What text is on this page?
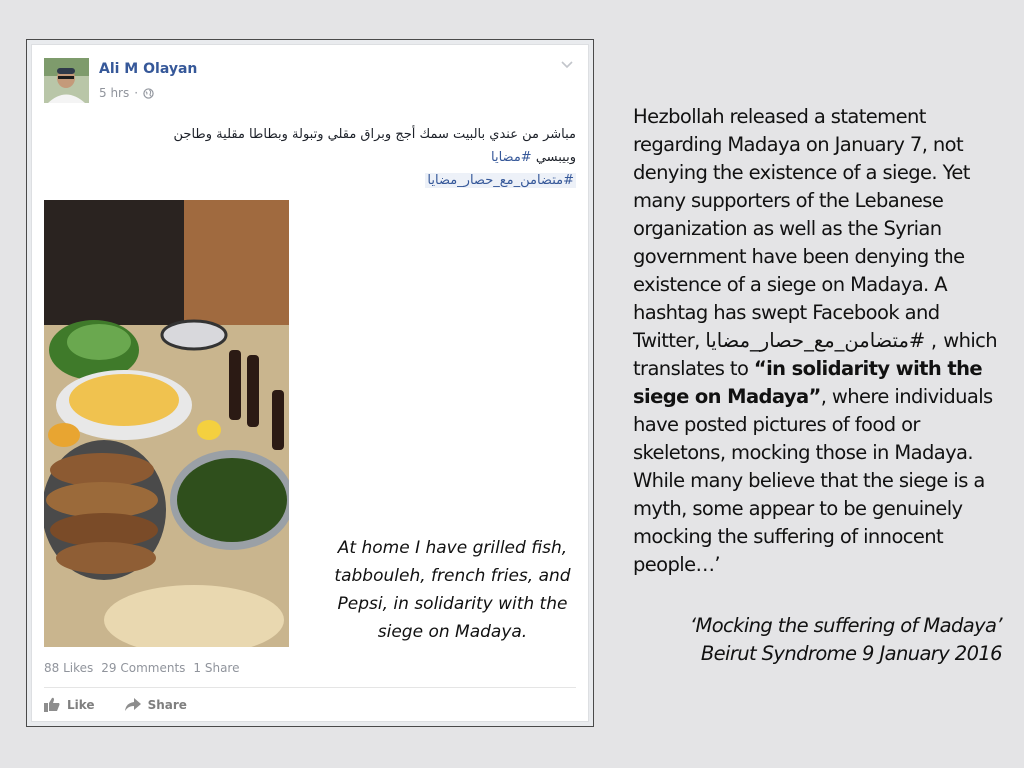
Ali M Olayan
5 hrs ·
مباشر من عندي بالبيت سمك أجج وبراق مقلي وتبولة وبطاطا مقلية وطاجن
وبيبسي #مضايا
#متضامن_مع_حصار_مضايا
At home I have grilled fish, tabbouleh, french fries, and Pepsi, in solidarity with the siege on Madaya.
88 Likes 29 Comments 1 Share
Like	Share
Hezbollah released a statement regarding Madaya on January 7, not denying the existence of a siege. Yet many supporters of the Lebanese organization as well as the Syrian government have been denying the existence of a siege on Madaya. A hashtag has swept Facebook and Twitter, #متضامن_مع_حصار_مضايا , which translates to “in solidarity with the siege on Madaya”, where individuals have posted pictures of food or skeletons, mocking those in Madaya. While many believe that the siege is a myth, some appear to be genuinely mocking the suffering of innocent people…’
‘Mocking the suffering of Madaya’
Beirut Syndrome 9 January 2016
